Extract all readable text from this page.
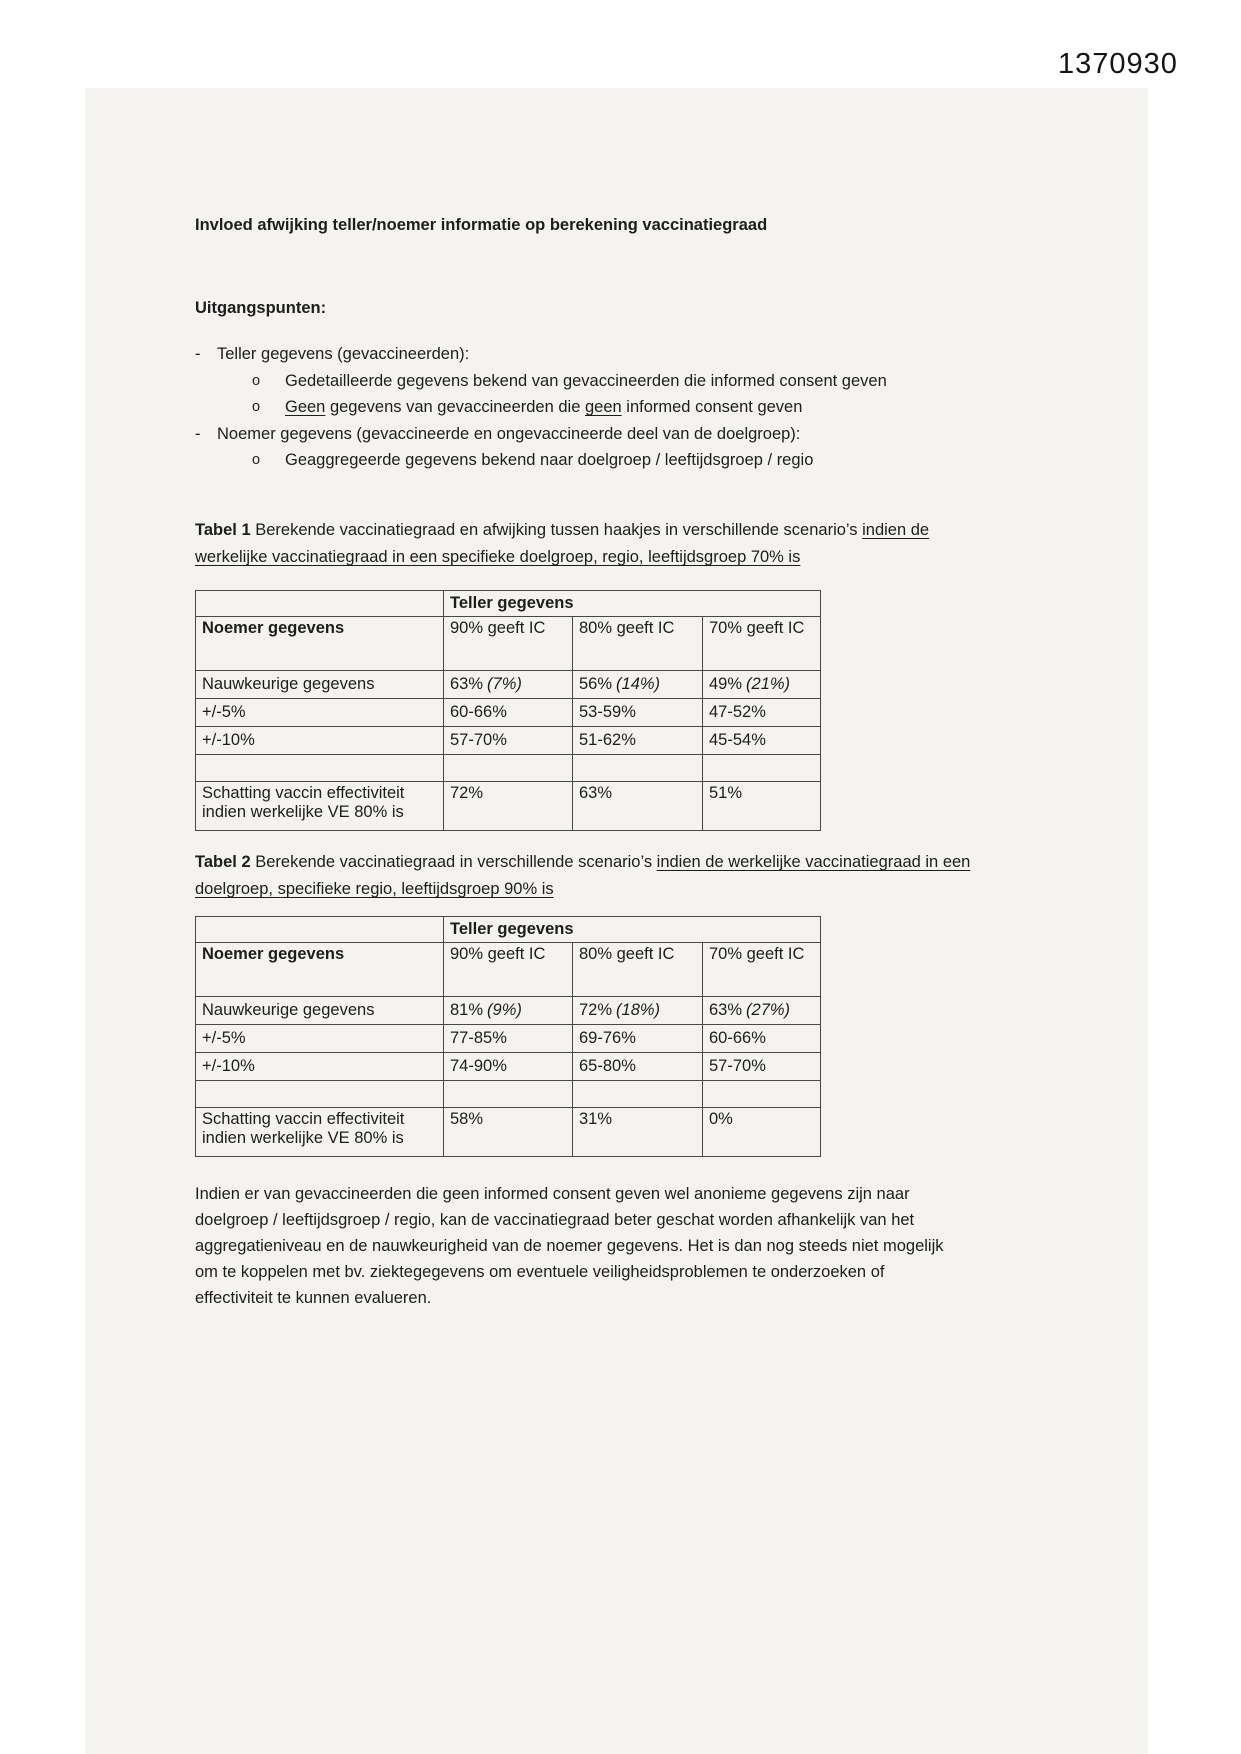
1370930
Invloed afwijking teller/noemer informatie op berekening vaccinatiegraad
Uitgangspunten:
-	Teller gegevens (gevaccineerden):
o	Gedetailleerde gegevens bekend van gevaccineerden die informed consent geven
o	Geen gegevens van gevaccineerden die geen informed consent geven
-	Noemer gegevens (gevaccineerde en ongevaccineerde deel van de doelgroep):
o	Geaggregeerde gegevens bekend naar doelgroep / leeftijdsgroep / regio
Tabel 1 Berekende vaccinatiegraad en afwijking tussen haakjes in verschillende scenario’s indien de werkelijke vaccinatiegraad in een specifieke doelgroep, regio, leeftijdsgroep 70% is
	Teller gegevens		
Noemer gegevens	90% geeft IC	80% geeft IC	70% geeft IC
Nauwkeurige gegevens	63% (7%)	56% (14%)	49% (21%)
+/-5%	60-66%	53-59%	47-52%
+/-10%	57-70%	51-62%	45-54%

Schatting vaccin effectiviteit indien werkelijke VE 80% is	72%	63%	51%
Tabel 2 Berekende vaccinatiegraad in verschillende scenario’s indien de werkelijke vaccinatiegraad in een doelgroep, specifieke regio, leeftijdsgroep 90% is
	Teller gegevens		
Noemer gegevens	90% geeft IC	80% geeft IC	70% geeft IC
Nauwkeurige gegevens	81% (9%)	72% (18%)	63% (27%)
+/-5%	77-85%	69-76%	60-66%
+/-10%	74-90%	65-80%	57-70%

Schatting vaccin effectiviteit indien werkelijke VE 80% is	58%	31%	0%
Indien er van gevaccineerden die geen informed consent geven wel anonieme gegevens zijn naar doelgroep / leeftijdsgroep / regio, kan de vaccinatiegraad beter geschat worden afhankelijk van het aggregatieniveau en de nauwkeurigheid van de noemer gegevens. Het is dan nog steeds niet mogelijk om te koppelen met bv. ziektegegevens om eventuele veiligheidsproblemen te onderzoeken of effectiviteit te kunnen evalueren.
